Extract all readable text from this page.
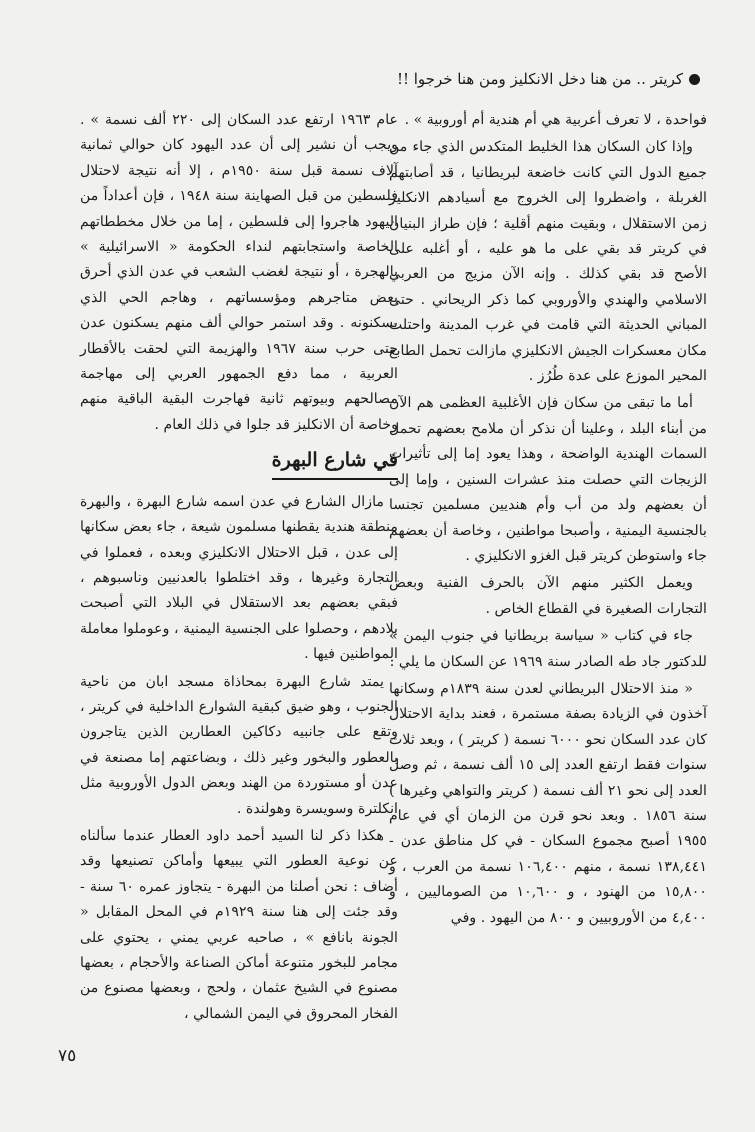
كريتر .. من هنا دخل الانكليز ومن هنا خرجوا !!

فواحدة ، لا تعرف أعربية هي أم هندية أم أوروبية » .

وإذا كان السكان هذا الخليط المتكدس الذي جاء من جميع الدول التي كانت خاضعة لبريطانيا ، قد أصابتهم الغربلة ، واضطروا إلى الخروج مع أسيادهم الانكليز زمن الاستقلال ، وبقيت منهم أقلية ؛ فإن طراز البنيان في كريتر قد بقي على ما هو عليه ، أو أغلبه على الأصح قد بقي كذلك . وإنه الآن مزيج من العربي الاسلامي والهندي والأوروبي كما ذكر الريحاني . حتى المباني الحديثة التي قامت في غرب المدينة واحتلت مكان معسكرات الجيش الانكليزي مازالت تحمل الطابع المحير الموزع على عدة طُرُز .

أما ما تبقى من سكان فإن الأغلبية العظمى هم الآن من أبناء البلد ، وعلينا أن نذكر أن ملامح بعضهم تحمل السمات الهندية الواضحة ، وهذا يعود إما إلى تأثيرات الزيجات التي حصلت منذ عشرات السنين ، وإما إلى أن بعضهم ولد من أب وأم هنديين مسلمين تجنسا بالجنسية اليمنية ، وأصبحا مواطنين ، وخاصة أن بعضهم جاء واستوطن كريتر قبل الغزو الانكليزي .

ويعمل الكثير منهم الآن بالحرف الفنية وبعض التجارات الصغيرة في القطاع الخاص .

جاء في كتاب « سياسة بريطانيا في جنوب اليمن » للدكتور جاد طه الصادر سنة ١٩٦٩ عن السكان ما يلي :

« منذ الاحتلال البريطاني لعدن سنة ١٨٣٩م وسكانها آخذون في الزيادة بصفة مستمرة ، فعند بداية الاحتلال كان عدد السكان نحو ٦٠٠٠ نسمة ( كريتر ) ، وبعد ثلاث سنوات فقط ارتفع العدد إلى ١٥ ألف نسمة ، ثم وصل العدد إلى نحو ٢١ ألف نسمة ( كريتر والتواهي وغيرها ) سنة ١٨٥٦ . وبعد نحو قرن من الزمان أي في عام ١٩٥٥ أصبح مجموع السكان - في كل مناطق عدن - ١٣٨,٤٤١ نسمة ، منهم ١٠٦,٤٠٠ نسمة من العرب ، و ١٥,٨٠٠ من الهنود ، و ١٠,٦٠٠ من الصوماليين ، و ٤,٤٠٠ من الأوروبيين و ٨٠٠ من اليهود . وفي

عام ١٩٦٣ ارتفع عدد السكان إلى ٢٢٠ ألف نسمة » . ويجب أن نشير إلى أن عدد اليهود كان حوالي ثمانية آلاف نسمة قبل سنة ١٩٥٠م ، إلا أنه نتيجة لاحتلال فلسطين من قبل الصهاينة سنة ١٩٤٨ ، فإن أعداداً من اليهود هاجروا إلى فلسطين ، إما من خلال مخططاتهم الخاصة واستجابتهم لنداء الحكومة « الاسرائيلية » بالهجرة ، أو نتيجة لغضب الشعب في عدن الذي أحرق بعض متاجرهم ومؤسساتهم ، وهاجم الحي الذي يسكنونه . وقد استمر حوالي ألف منهم يسكنون عدن حتى حرب سنة ١٩٦٧ والهزيمة التي لحقت بالأقطار العربية ، مما دفع الجمهور العربي إلى مهاجمة مصالحهم وبيوتهم ثانية فهاجرت البقية الباقية منهم وخاصة أن الانكليز قد جلوا في ذلك العام .

في شارع البهرة

مازال الشارع في عدن اسمه شارع البهرة ، والبهرة منطقة هندية يقطنها مسلمون شيعة ، جاء بعض سكانها إلى عدن ، قبل الاحتلال الانكليزي وبعده ، فعملوا في التجارة وغيرها ، وقد اختلطوا بالعدنيين وناسبوهم ، فبقي بعضهم بعد الاستقلال في البلاد التي أصبحت بلادهم ، وحصلوا على الجنسية اليمنية ، وعوملوا معاملة المواطنين فيها .

يمتد شارع البهرة بمحاذاة مسجد ابان من ناحية الجنوب ، وهو ضيق كبقية الشوارع الداخلية في كريتر ، وتقع على جانبيه دكاكين العطارين الذين يتاجرون بالعطور والبخور وغير ذلك ، وبضاعتهم إما مصنعة في عدن أو مستوردة من الهند وبعض الدول الأوروبية مثل انكلترة وسويسرة وهولندة .

هكذا ذكر لنا السيد أحمد داود العطار عندما سألناه عن نوعية العطور التي يبيعها وأماكن تصنيعها وقد أضاف : نحن أصلنا من البهرة - يتجاوز عمره ٦٠ سنة - وقد جئت إلى هنا سنة ١٩٢٩م في المحل المقابل « الجونة بانافع » ، صاحبه عربي يمني ، يحتوي على مجامر للبخور متنوعة أماكن الصناعة والأحجام ، بعضها مصنوع في الشيخ عثمان ، ولحج ، وبعضها مصنوع من الفخار المحروق في اليمن الشمالي ،

٧٥
